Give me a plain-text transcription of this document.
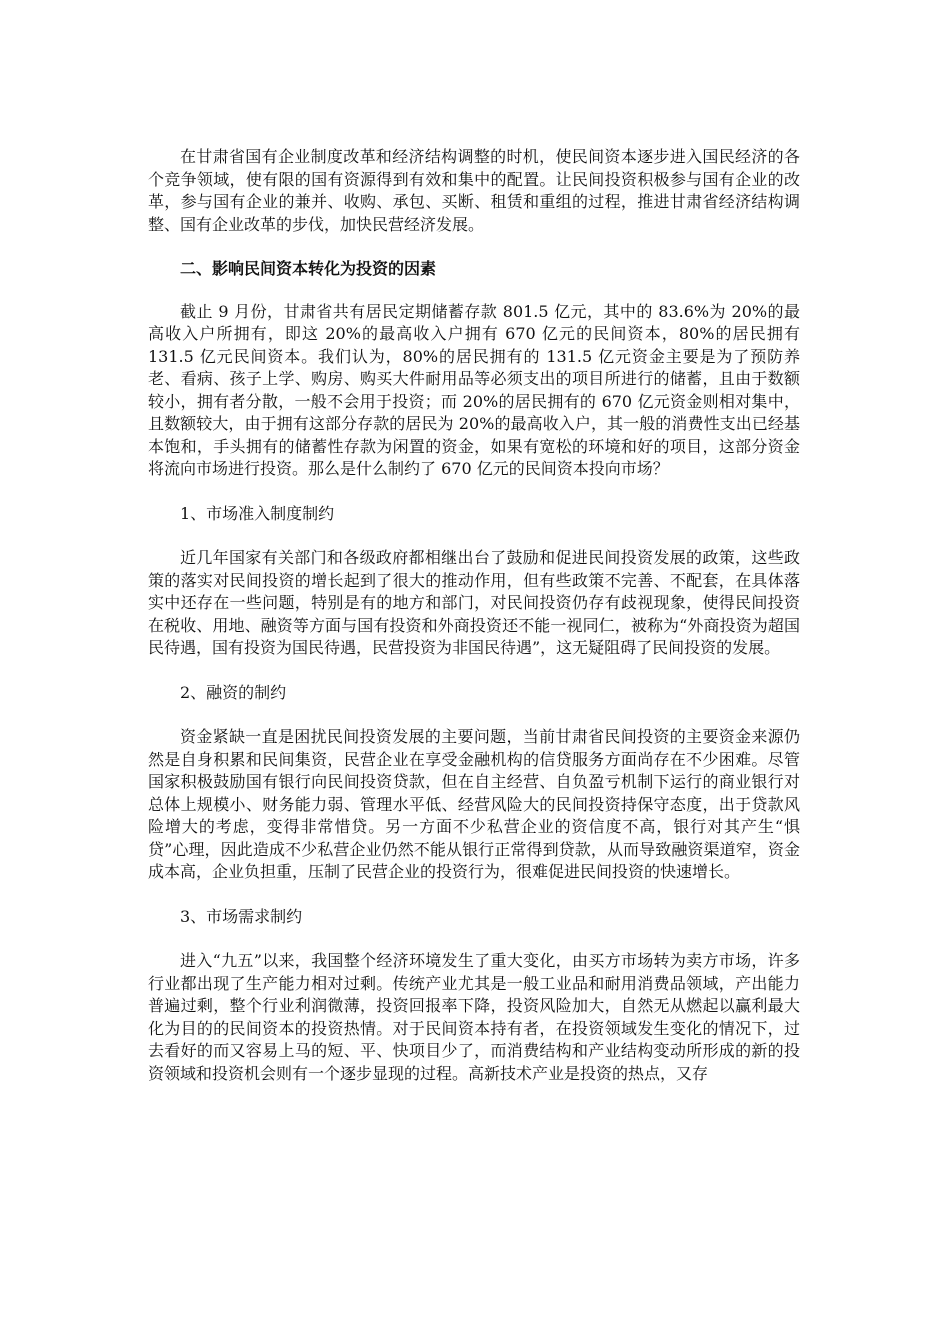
在甘肃省国有企业制度改革和经济结构调整的时机，使民间资本逐步进入国民经济的各个竞争领域，使有限的国有资源得到有效和集中的配置。让民间投资积极参与国有企业的改革，参与国有企业的兼并、收购、承包、买断、租赁和重组的过程，推进甘肃省经济结构调整、国有企业改革的步伐，加快民营经济发展。

二、影响民间资本转化为投资的因素

截止 9 月份，甘肃省共有居民定期储蓄存款 801.5 亿元，其中的 83.6%为 20%的最高收入户所拥有，即这 20%的最高收入户拥有 670 亿元的民间资本，80%的居民拥有 131.5 亿元民间资本。我们认为，80%的居民拥有的 131.5 亿元资金主要是为了预防养老、看病、孩子上学、购房、购买大件耐用品等必须支出的项目所进行的储蓄，且由于数额较小，拥有者分散，一般不会用于投资；而 20%的居民拥有的 670 亿元资金则相对集中，且数额较大，由于拥有这部分存款的居民为 20%的最高收入户，其一般的消费性支出已经基本饱和，手头拥有的储蓄性存款为闲置的资金，如果有宽松的环境和好的项目，这部分资金将流向市场进行投资。那么是什么制约了 670 亿元的民间资本投向市场？

1、市场准入制度制约

近几年国家有关部门和各级政府都相继出台了鼓励和促进民间投资发展的政策，这些政策的落实对民间投资的增长起到了很大的推动作用，但有些政策不完善、不配套，在具体落实中还存在一些问题，特别是有的地方和部门，对民间投资仍存有歧视现象，使得民间投资在税收、用地、融资等方面与国有投资和外商投资还不能一视同仁，被称为“外商投资为超国民待遇，国有投资为国民待遇，民营投资为非国民待遇”，这无疑阻碍了民间投资的发展。

2、融资的制约

资金紧缺一直是困扰民间投资发展的主要问题，当前甘肃省民间投资的主要资金来源仍然是自身积累和民间集资，民营企业在享受金融机构的信贷服务方面尚存在不少困难。尽管国家积极鼓励国有银行向民间投资贷款，但在自主经营、自负盈亏机制下运行的商业银行对总体上规模小、财务能力弱、管理水平低、经营风险大的民间投资持保守态度，出于贷款风险增大的考虑，变得非常惜贷。另一方面不少私营企业的资信度不高，银行对其产生“惧贷”心理，因此造成不少私营企业仍然不能从银行正常得到贷款，从而导致融资渠道窄，资金成本高，企业负担重，压制了民营企业的投资行为，很难促进民间投资的快速增长。

3、市场需求制约

进入“九五”以来，我国整个经济环境发生了重大变化，由买方市场转为卖方市场，许多行业都出现了生产能力相对过剩。传统产业尤其是一般工业品和耐用消费品领域，产出能力普遍过剩，整个行业利润微薄，投资回报率下降，投资风险加大，自然无从燃起以赢利最大化为目的的民间资本的投资热情。对于民间资本持有者，在投资领域发生变化的情况下，过去看好的而又容易上马的短、平、快项目少了，而消费结构和产业结构变动所形成的新的投资领域和投资机会则有一个逐步显现的过程。高新技术产业是投资的热点，又存
